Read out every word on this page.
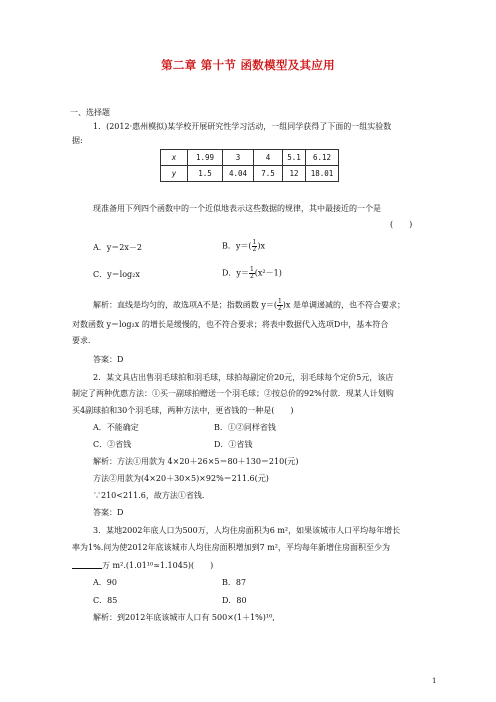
第二章 第十节 函数模型及其应用
一、选择题
1．(2012·惠州模拟)某学校开展研究性学习活动，一组同学获得了下面的一组实验数
据:
x	1.99	3	4	5.1	6.12
y	1.5	4.04	7.5	12	18.01
现准备用下列四个函数中的一个近似地表示这些数据的规律，其中最接近的一个是
(　　)
A．y＝2x－2	B．$y=( \frac{1}{2} )x$
C．y＝log₂x	D．$y= \frac{1}{2} (x^2-1)$
解析：直线是均匀的，故选项A不是；指数函数 $y=( \frac{1}{2} )x$ 是单调递减的，也不符合要求；
对数函数 y＝log₂x 的增长是缓慢的，也不符合要求；将表中数据代入选项D中，基本符合
要求．
答案：D
2．某文具店出售羽毛球拍和羽毛球，球拍每副定价20元，羽毛球每个定价5元，该店
制定了两种优惠方法：①买一副球拍赠送一个羽毛球；②按总价的92%付款．现某人计划购
买4副球拍和30个羽毛球，两种方法中，更省钱的一种是(　　)
A．不能确定	B．①②同样省钱
C．②省钱	D．①省钱
解析：方法①用款为 4×20＋26×5＝80＋130＝210(元)
方法②用款为(4×20＋30×5)×92%＝211.6(元)
∵210<211.6，故方法①省钱．
答案：D
3．某地2002年底人口为500万，人均住房面积为6 m²，如果该城市人口平均每年增长
率为1%.问为使2012年底该城市人均住房面积增加到7 m²，平均每年新增住房面积至少为
万 m².(1.01¹⁰≈1.1045)(　　)
A．90	B．87
C．85	D．80
解析：到2012年底该城市人口有 500×(1＋1%)¹⁰,
1
